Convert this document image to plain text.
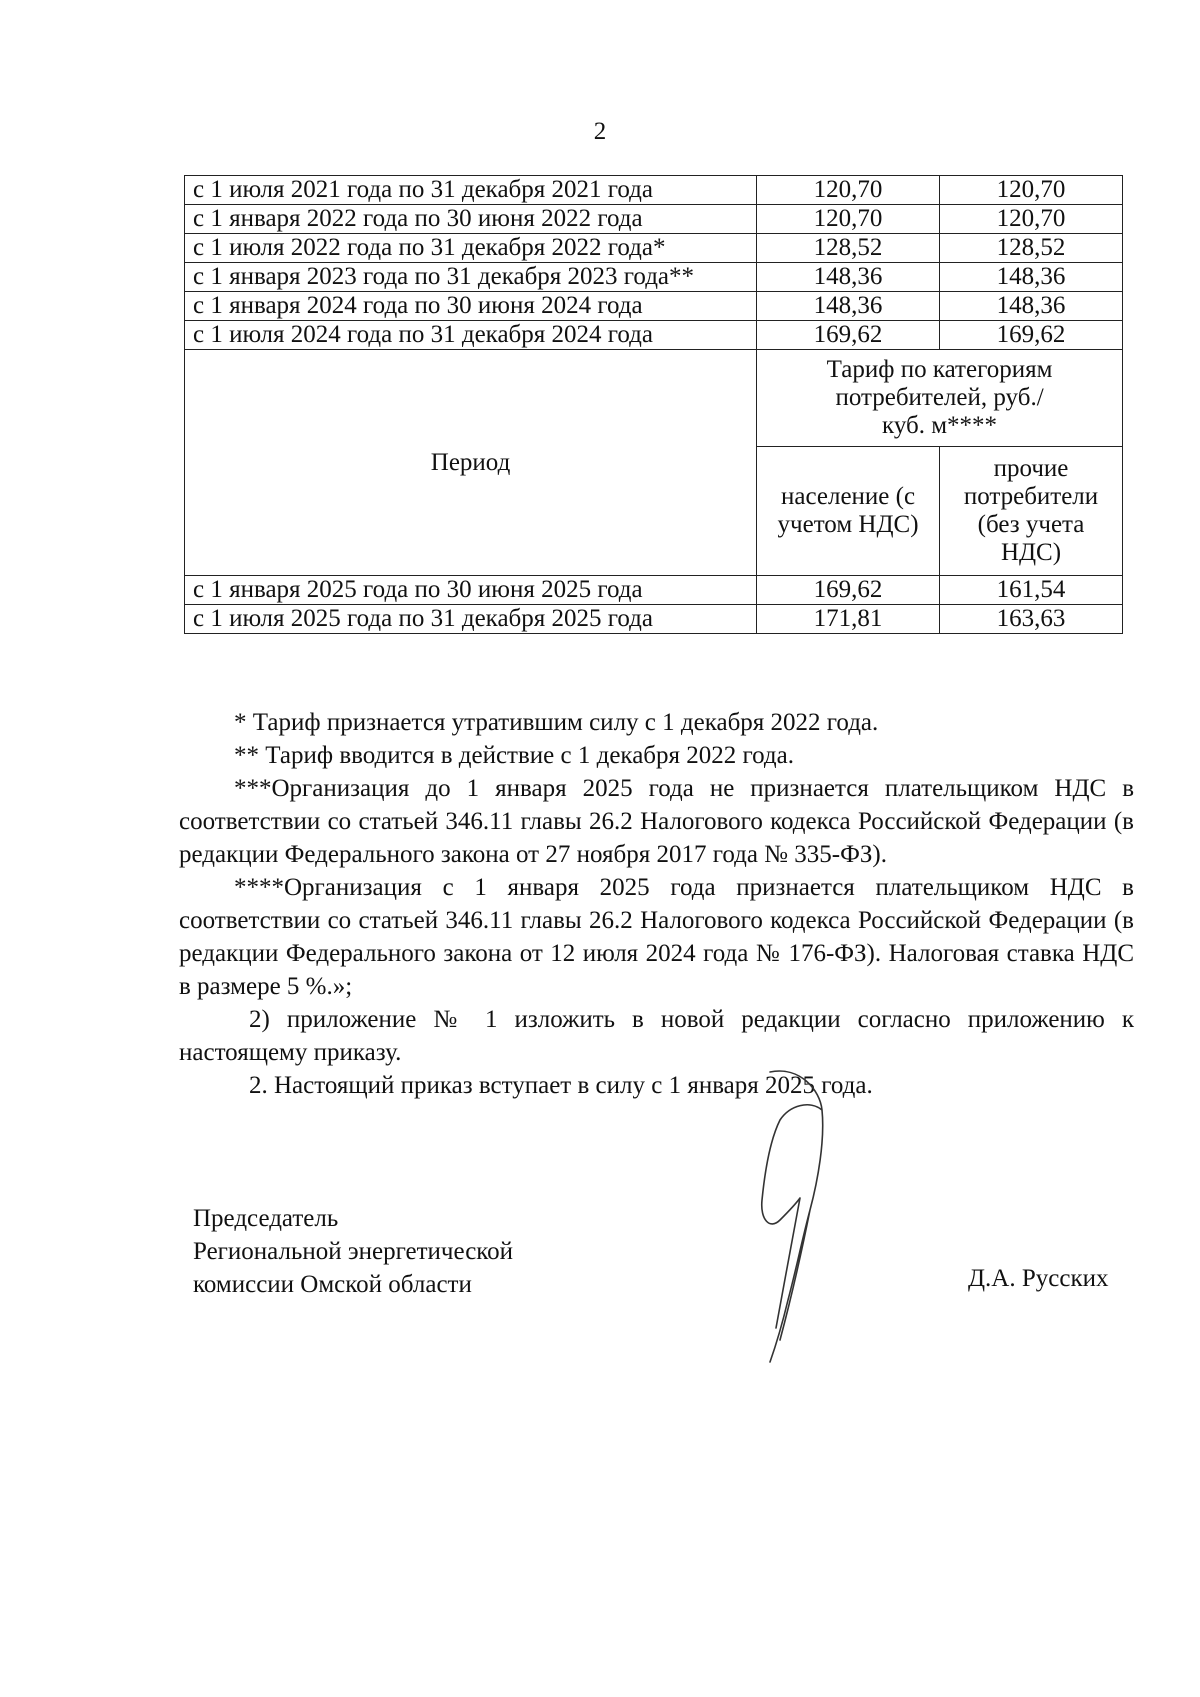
2
с 1 июля 2021 года по 31 декабря 2021 года	120,70	120,70
с 1 января 2022 года по 30 июня 2022 года	120,70	120,70
с 1 июля 2022 года по 31 декабря 2022 года*	128,52	128,52
с 1 января 2023 года по 31 декабря 2023 года**	148,36	148,36
с 1 января 2024 года по 30 июня 2024 года	148,36	148,36
с 1 июля 2024 года по 31 декабря 2024 года	169,62	169,62
Период	Тариф по категориям потребителей, руб./куб. м****	
	население (с учетом НДС)	прочие потребители (без учета НДС)
с 1 января 2025 года по 30 июня 2025 года	169,62	161,54
с 1 июля 2025 года по 31 декабря 2025 года	171,81	163,63

* Тариф признается утратившим силу с 1 декабря 2022 года.

** Тариф вводится в действие с 1 декабря 2022 года.

***Организация до 1 января 2025 года не признается плательщиком НДС в соответствии со статьей 346.11 главы 26.2 Налогового кодекса Российской Федерации (в редакции Федерального закона от 27 ноября 2017 года № 335-ФЗ).

****Организация с 1 января 2025 года признается плательщиком НДС в соответствии со статьей 346.11 главы 26.2 Налогового кодекса Российской Федерации (в редакции Федерального закона от 12 июля 2024 года № 176-ФЗ). Налоговая ставка НДС в размере 5 %.»;

2) приложение № 1 изложить в новой редакции согласно приложению к настоящему приказу.

2. Настоящий приказ вступает в силу с 1 января 2025 года.

Председатель
Региональной энергетической
комиссии Омской области	Д.А. Русских
